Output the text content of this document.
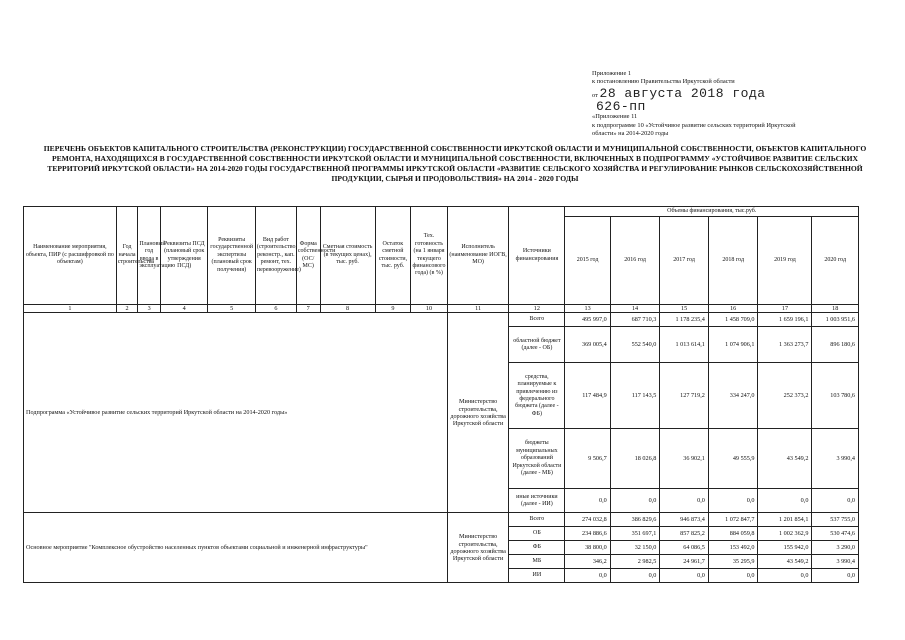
Приложение 1
к постановлению Правительства Иркутской области
от 28 августа 2018 года
626-пп
«Приложение 11
к подпрограмме 10 «Устойчивое развитие сельских территорий Иркутской
области» на 2014-2020 годы
ПЕРЕЧЕНЬ ОБЪЕКТОВ КАПИТАЛЬНОГО СТРОИТЕЛЬСТВА (РЕКОНСТРУКЦИИ) ГОСУДАРСТВЕННОЙ СОБСТВЕННОСТИ ИРКУТСКОЙ ОБЛАСТИ И МУНИЦИПАЛЬНОЙ СОБСТВЕННОСТИ, ОБЪЕКТОВ КАПИТАЛЬНОГО РЕМОНТА, НАХОДЯЩИХСЯ В ГОСУДАРСТВЕННОЙ СОБСТВЕННОСТИ ИРКУТСКОЙ ОБЛАСТИ И МУНИЦИПАЛЬНОЙ СОБСТВЕННОСТИ, ВКЛЮЧЕННЫХ В ПОДПРОГРАММУ «УСТОЙЧИВОЕ РАЗВИТИЕ СЕЛЬСКИХ ТЕРРИТОРИЙ ИРКУТСКОЙ ОБЛАСТИ» НА 2014-2020 ГОДЫ ГОСУДАРСТВЕННОЙ ПРОГРАММЫ ИРКУТСКОЙ ОБЛАСТИ «РАЗВИТИЕ СЕЛЬСКОГО ХОЗЯЙСТВА И РЕГУЛИРОВАНИЕ РЫНКОВ СЕЛЬСКОХОЗЯЙСТВЕННОЙ ПРОДУКЦИИ, СЫРЬЯ И ПРОДОВОЛЬСТВИЯ» НА 2014 - 2020 ГОДЫ
Наименование мероприятия, объекта, ПИР (с расшифровкой по объектам)	Год начала строительства	Плановый год ввода в эксплуатацию	Реквизиты ПСД (плановый срок утверждения ПСД)	Реквизиты государственной экспертизы (плановый срок получения)	Вид работ (строительство, реконстр., кап. ремонт, тех. перевооружение)	Форма собственности (ОС/МС)	Сметная стоимость (в текущих ценах), тыс. руб.	Остаток сметной стоимости, тыс. руб.	Тех. готовность (на 1 января текущего финансового года) (в %)	Исполнитель (наименование ИОГВ, МО)	Источники финансирования	Объемы финансирования, тыс.руб.					
												2015 год	2016 год	2017 год	2018 год	2019 год	2020 год
1	2	3	4	5	6	7	8	9	10	11	12	13	14	15	16	17	18
Подпрограмма «Устойчивое развитие сельских территорий Иркутской области на 2014-2020 годы»										Министерство строительства, дорожного хозяйства Иркутской области	Всего	495 997,0	687 710,3	1 178 235,4	1 458 709,0	1 659 196,1	1 003 951,6
											областной бюджет (далее - ОБ)	369 005,4	552 540,0	1 013 614,1	1 074 906,1	1 363 273,7	896 180,6
											средства, планируемые к привлечению из федерального бюджета (далее - ФБ)	117 484,9	117 143,5	127 719,2	334 247,0	252 373,2	103 780,6
											бюджеты муниципальных образований Иркутской области (далее - МБ)	9 506,7	18 026,8	36 902,1	49 555,9	43 549,2	3 990,4
											иные источники (далее - ИИ)	0,0	0,0	0,0	0,0	0,0	0,0
Основное мероприятие "Комплексное обустройство населенных пунктов объектами социальной и инженерной инфраструктуры"										Министерство строительства, дорожного хозяйства Иркутской области	Всего	274 032,8	386 829,6	946 873,4	1 072 847,7	1 201 854,1	537 755,0
											ОБ	234 886,6	351 697,1	857 825,2	884 059,8	1 002 362,9	530 474,6
											ФБ	38 800,0	32 150,0	64 086,5	153 492,0	155 942,0	3 290,0
											МБ	346,2	2 982,5	24 961,7	35 295,9	43 549,2	3 990,4
											ИИ	0,0	0,0	0,0	0,0	0,0	0,0
